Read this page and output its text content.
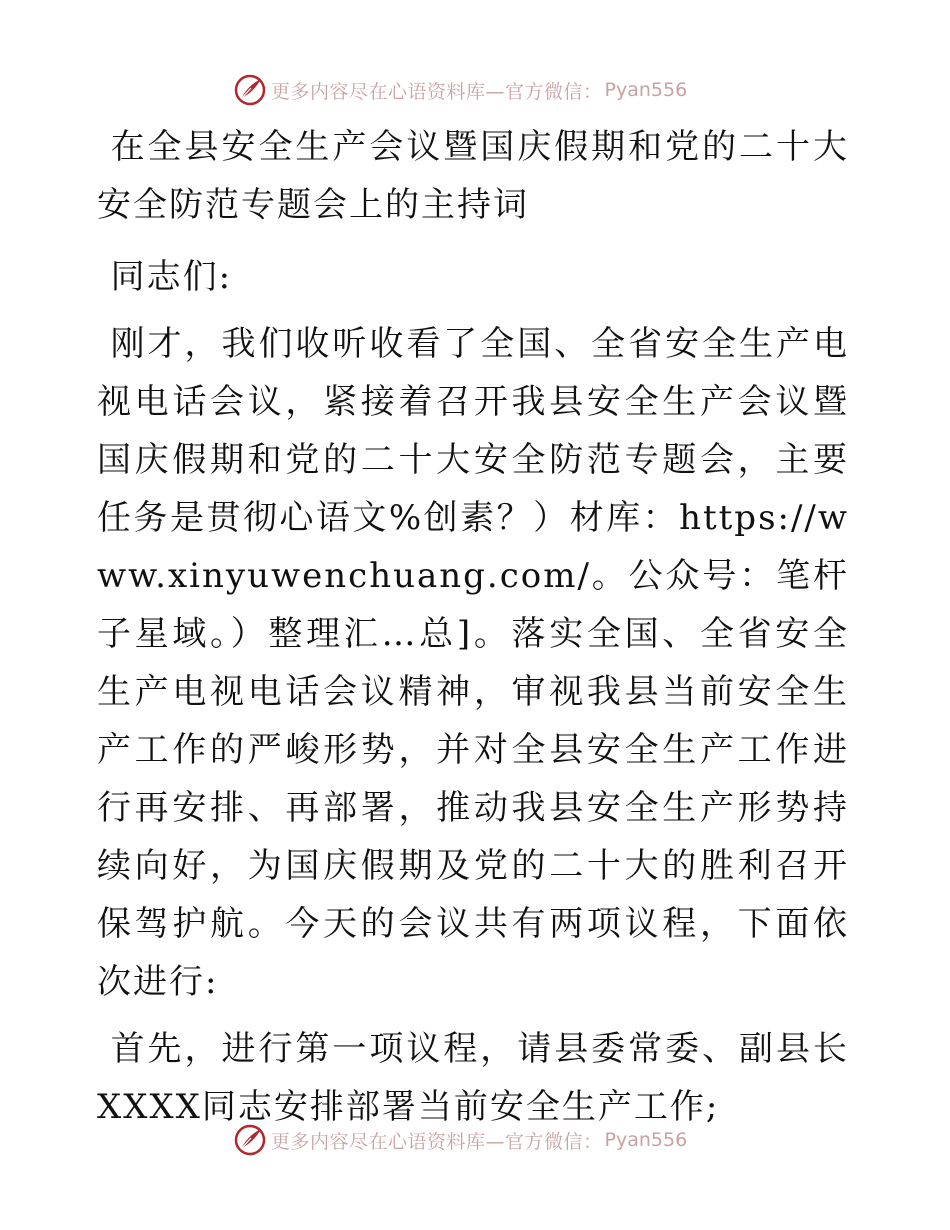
更多内容尽在心语资料库—官方微信： Pyan556

在全县安全生产会议暨国庆假期和党的二十大安全防范专题会上的主持词

同志们:

刚才，我们收听收看了全国、全省安全生产电视电话会议，紧接着召开我县安全生产会议暨国庆假期和党的二十大安全防范专题会，主要任务是贯彻心语文%创素？）材库：https://www.xinyuwenchuang.com/。公众号：笔杆子星域。）整理汇…总]。落实全国、全省安全生产电视电话会议精神，审视我县当前安全生产工作的严峻形势，并对全县安全生产工作进行再安排、再部署，推动我县安全生产形势持续向好，为国庆假期及党的二十大的胜利召开保驾护航。今天的会议共有两项议程，下面依次进行:

首先，进行第一项议程，请县委常委、副县长XXXX同志安排部署当前安全生产工作;

更多内容尽在心语资料库—官方微信： Pyan556
